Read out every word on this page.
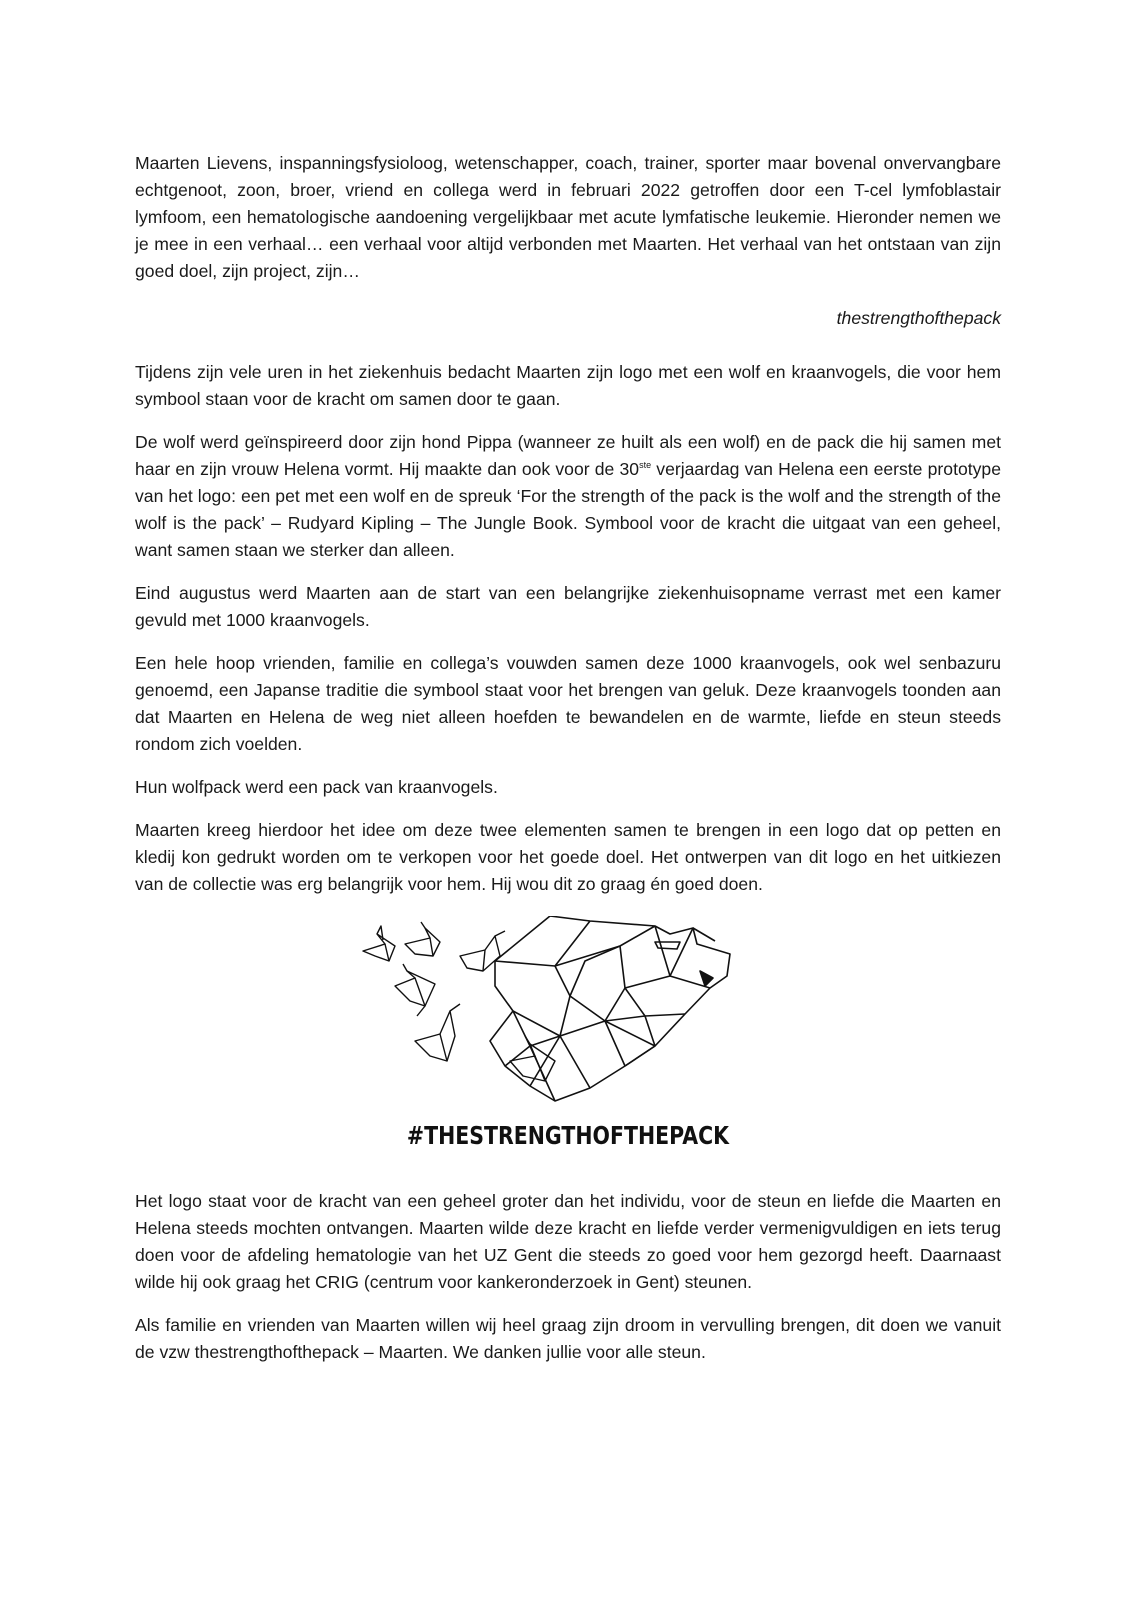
Maarten Lievens, inspanningsfysioloog, wetenschapper, coach, trainer, sporter maar bovenal onvervangbare echtgenoot, zoon, broer, vriend en collega werd in februari 2022 getroffen door een T-cel lymfoblastair lymfoom, een hematologische aandoening vergelijkbaar met acute lymfatische leukemie. Hieronder nemen we je mee in een verhaal… een verhaal voor altijd verbonden met Maarten. Het verhaal van het ontstaan van zijn goed doel, zijn project, zijn…

thestrengthofthepack

Tijdens zijn vele uren in het ziekenhuis bedacht Maarten zijn logo met een wolf en kraanvogels, die voor hem symbool staan voor de kracht om samen door te gaan.

De wolf werd geïnspireerd door zijn hond Pippa (wanneer ze huilt als een wolf) en de pack die hij samen met haar en zijn vrouw Helena vormt. Hij maakte dan ook voor de 30ste verjaardag van Helena een eerste prototype van het logo: een pet met een wolf en de spreuk ‘For the strength of the pack is the wolf and the strength of the wolf is the pack’ – Rudyard Kipling – The Jungle Book. Symbool voor de kracht die uitgaat van een geheel, want samen staan we sterker dan alleen.

Eind augustus werd Maarten aan de start van een belangrijke ziekenhuisopname verrast met een kamer gevuld met 1000 kraanvogels.

Een hele hoop vrienden, familie en collega’s vouwden samen deze 1000 kraanvogels, ook wel senbazuru genoemd, een Japanse traditie die symbool staat voor het brengen van geluk. Deze kraanvogels toonden aan dat Maarten en Helena de weg niet alleen hoefden te bewandelen en de warmte, liefde en steun steeds rondom zich voelden.

Hun wolfpack werd een pack van kraanvogels.

Maarten kreeg hierdoor het idee om deze twee elementen samen te brengen in een logo dat op petten en kledij kon gedrukt worden om te verkopen voor het goede doel. Het ontwerpen van dit logo en het uitkiezen van de collectie was erg belangrijk voor hem. Hij wou dit zo graag én goed doen.

#THESTRENGTHOFTHEPACK

Het logo staat voor de kracht van een geheel groter dan het individu, voor de steun en liefde die Maarten en Helena steeds mochten ontvangen. Maarten wilde deze kracht en liefde verder vermenigvuldigen en iets terug doen voor de afdeling hematologie van het UZ Gent die steeds zo goed voor hem gezorgd heeft. Daarnaast wilde hij ook graag het CRIG (centrum voor kankeronderzoek in Gent) steunen.

Als familie en vrienden van Maarten willen wij heel graag zijn droom in vervulling brengen, dit doen we vanuit de vzw thestrengthofthepack – Maarten. We danken jullie voor alle steun.
